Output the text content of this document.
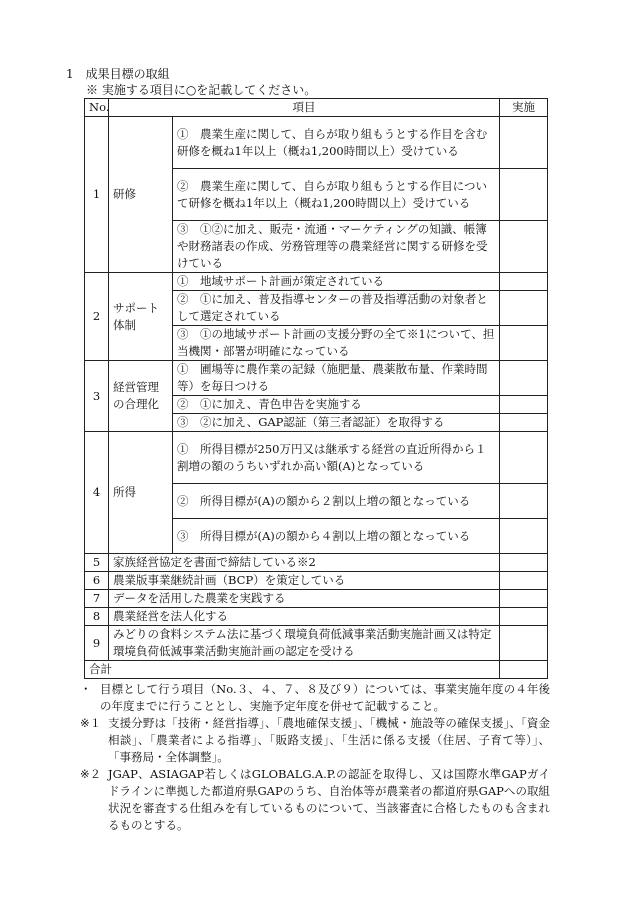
1　成果目標の取組
※ 実施する項目に○を記載してください。
No.	項目		実施
1	研修	①　農業生産に関して、自らが取り組もうとする作目を含む研修を概ね1年以上（概ね1,200時間以上）受けている	
		②　農業生産に関して、自らが取り組もうとする作目について研修を概ね1年以上（概ね1,200時間以上）受けている	
		③　①②に加え、販売・流通・マーケティングの知識、帳簿や財務諸表の作成、労務管理等の農業経営に関する研修を受けている	
2	サポート体制	①　地域サポート計画が策定されている	
		②　①に加え、普及指導センターの普及指導活動の対象者として選定されている	
		③　①の地域サポート計画の支援分野の全て※1について、担当機関・部署が明確になっている	
3	経営管理の合理化	①　圃場等に農作業の記録（施肥量、農薬散布量、作業時間等）を毎日つける	
		②　①に加え、青色申告を実施する	
		③　②に加え、GAP認証（第三者認証）を取得する	
4	所得	①　所得目標が250万円又は継承する経営の直近所得から１割増の額のうちいずれか高い額(A)となっている	
		②　所得目標が(A)の額から２割以上増の額となっている	
		③　所得目標が(A)の額から４割以上増の額となっている	
5	家族経営協定を書面で締結している※2		
6	農業版事業継続計画（BCP）を策定している		
7	データを活用した農業を実践する		
8	農業経営を法人化する		
9	みどりの食料システム法に基づく環境負荷低減事業活動実施計画又は特定環境負荷低減事業活動実施計画の認定を受ける		
合計			

・ 目標として行う項目（No.３、４、７、８及び９）については、事業実施年度の４年後の年度までに行うこととし、実施予定年度を併せて記載すること。

※１ 支援分野は「技術・経営指導」、「農地確保支援」、「機械・施設等の確保支援」、「資金相談」、「農業者による指導」、「販路支援」、「生活に係る支援（住居、子育て等）」、「事務局・全体調整」。

※２ JGAP、ASIAGAP若しくはGLOBALG.A.P.の認証を取得し、又は国際水準GAPガイドラインに準拠した都道府県GAPのうち、自治体等が農業者の都道府県GAPへの取組状況を審査する仕組みを有しているものについて、当該審査に合格したものも含まれるものとする。
